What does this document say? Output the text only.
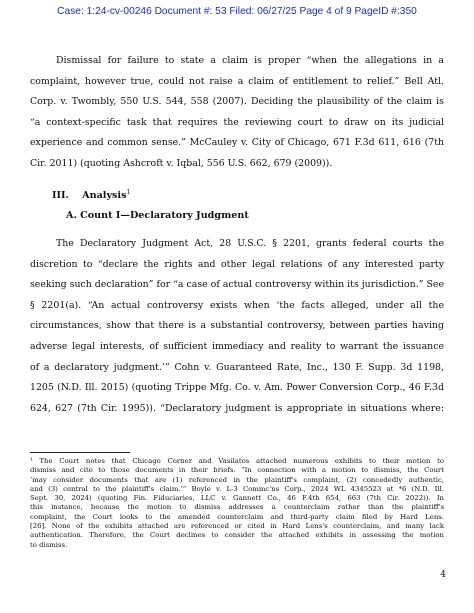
Case: 1:24-cv-00246 Document #: 53 Filed: 06/27/25 Page 4 of 9 PageID #:350
Dismissal for failure to state a claim is proper “when the allegations in a
complaint, however true, could not raise a claim of entitlement to relief.” Bell Atl.
Corp. v. Twombly, 550 U.S. 544, 558 (2007). Deciding the plausibility of the claim is
“a context-specific task that requires the reviewing court to draw on its judicial
experience and common sense.” McCauley v. City of Chicago, 671 F.3d 611, 616 (7th
Cir. 2011) (quoting Ashcroft v. Iqbal, 556 U.S. 662, 679 (2009)).
III.    Analysis$^1$
A. Count I—Declaratory Judgment
The Declaratory Judgment Act, 28 U.S.C. § 2201, grants federal courts the
discretion to “declare the rights and other legal relations of any interested party
seeking such declaration” for “a case of actual controversy within its jurisdiction.” See
§ 2201(a). “An actual controversy exists when ‘the facts alleged, under all the
circumstances, show that there is a substantial controversy, between parties having
adverse legal interests, of sufficient immediacy and reality to warrant the issuance
of a declaratory judgment.’” Cohn v. Guaranteed Rate, Inc., 130 F. Supp. 3d 1198,
1205 (N.D. Ill. 2015) (quoting Trippe Mfg. Co. v. Am. Power Conversion Corp., 46 F.3d
624, 627 (7th Cir. 1995)). “Declaratory judgment is appropriate in situations where:
¹ The Court notes that Chicago Corner and Vasilatos attached numerous exhibits to their motion to
dismiss and cite to those documents in their briefs. “In connection with a motion to dismiss, the Court
‘may consider documents that are (1) referenced in the plaintiff's complaint, (2) concededly authentic,
and (3) central to the plaintiff's claim.’” Boyle v. L-3 Commc'ns Corp., 2024 WL 4345523 at *6 (N.D. Ill.
Sept. 30, 2024) (quoting Fin. Fiduciaries, LLC v. Gannett Co., 46 F.4th 654, 663 (7th Cir. 2022)). In
this instance, because the motion to dismiss addresses a counterclaim rather than the plaintiff's
complaint, the Court looks to the amended counterclaim and third-party claim filed by Hard Lens.
[26]. None of the exhibits attached are referenced or cited in Hard Lens's counterclaim, and many lack
authentication. Therefore, the Court declines to consider the attached exhibits in assessing the motion
to dismiss.
4
